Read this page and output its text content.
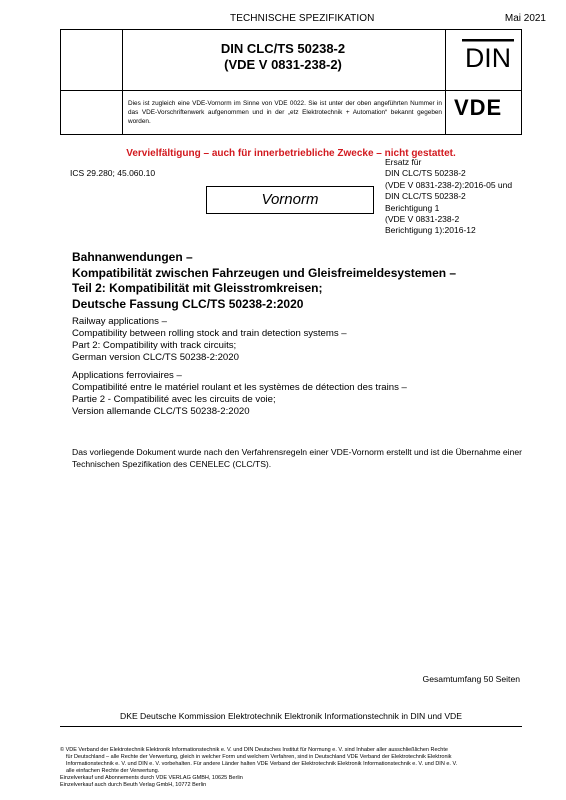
TECHNISCHE SPEZIFIKATION	Mai 2021
DIN CLC/TS 50238-2
(VDE V 0831-238-2)	DIN
Dies ist zugleich eine VDE-Vornorm im Sinne von VDE 0022. Sie ist unter der oben angeführten Nummer in das VDE-Vorschriftenwerk aufgenommen und in der „etz Elektrotechnik + Automation“ bekannt gegeben worden.
VDE
Vervielfältigung – auch für innerbetriebliche Zwecke – nicht gestattet.
ICS 29.280; 45.060.10
Ersatz für
DIN CLC/TS 50238-2
(VDE V 0831-238-2):2016-05 und
DIN CLC/TS 50238-2
Berichtigung 1
(VDE V 0831-238-2
Berichtigung 1):2016-12
Vornorm
Bahnanwendungen –
Kompatibilität zwischen Fahrzeugen und Gleisfreimeldesystemen –
Teil 2: Kompatibilität mit Gleisstromkreisen;
Deutsche Fassung CLC/TS 50238-2:2020
Railway applications –
Compatibility between rolling stock and train detection systems –
Part 2: Compatibility with track circuits;
German version CLC/TS 50238-2:2020
Applications ferroviaires –
Compatibilité entre le matériel roulant et les systèmes de détection des trains –
Partie 2 - Compatibilité avec les circuits de voie;
Version allemande CLC/TS 50238-2:2020
Das vorliegende Dokument wurde nach den Verfahrensregeln einer VDE-Vornorm erstellt und ist die Übernahme einer Technischen Spezifikation des CENELEC (CLC/TS).
Gesamtumfang 50 Seiten
DKE Deutsche Kommission Elektrotechnik Elektronik Informationstechnik in DIN und VDE
© VDE Verband der Elektrotechnik Elektronik Informationstechnik e. V. und DIN Deutsches Institut für Normung e. V. sind Inhaber aller ausschließlichen Rechte
für Deutschland – alle Rechte der Verwertung, gleich in welcher Form und welchem Verfahren, sind in Deutschland VDE Verband der Elektrotechnik Elektronik
Informationstechnik e. V. und DIN e. V. vorbehalten. Für andere Länder halten VDE Verband der Elektrotechnik Elektronik Informationstechnik e. V. und DIN e. V.
alle einfachen Rechte der Verwertung.
Einzelverkauf und Abonnements durch VDE VERLAG GMBH, 10625 Berlin
Einzelverkauf auch durch Beuth Verlag GmbH, 10772 Berlin
